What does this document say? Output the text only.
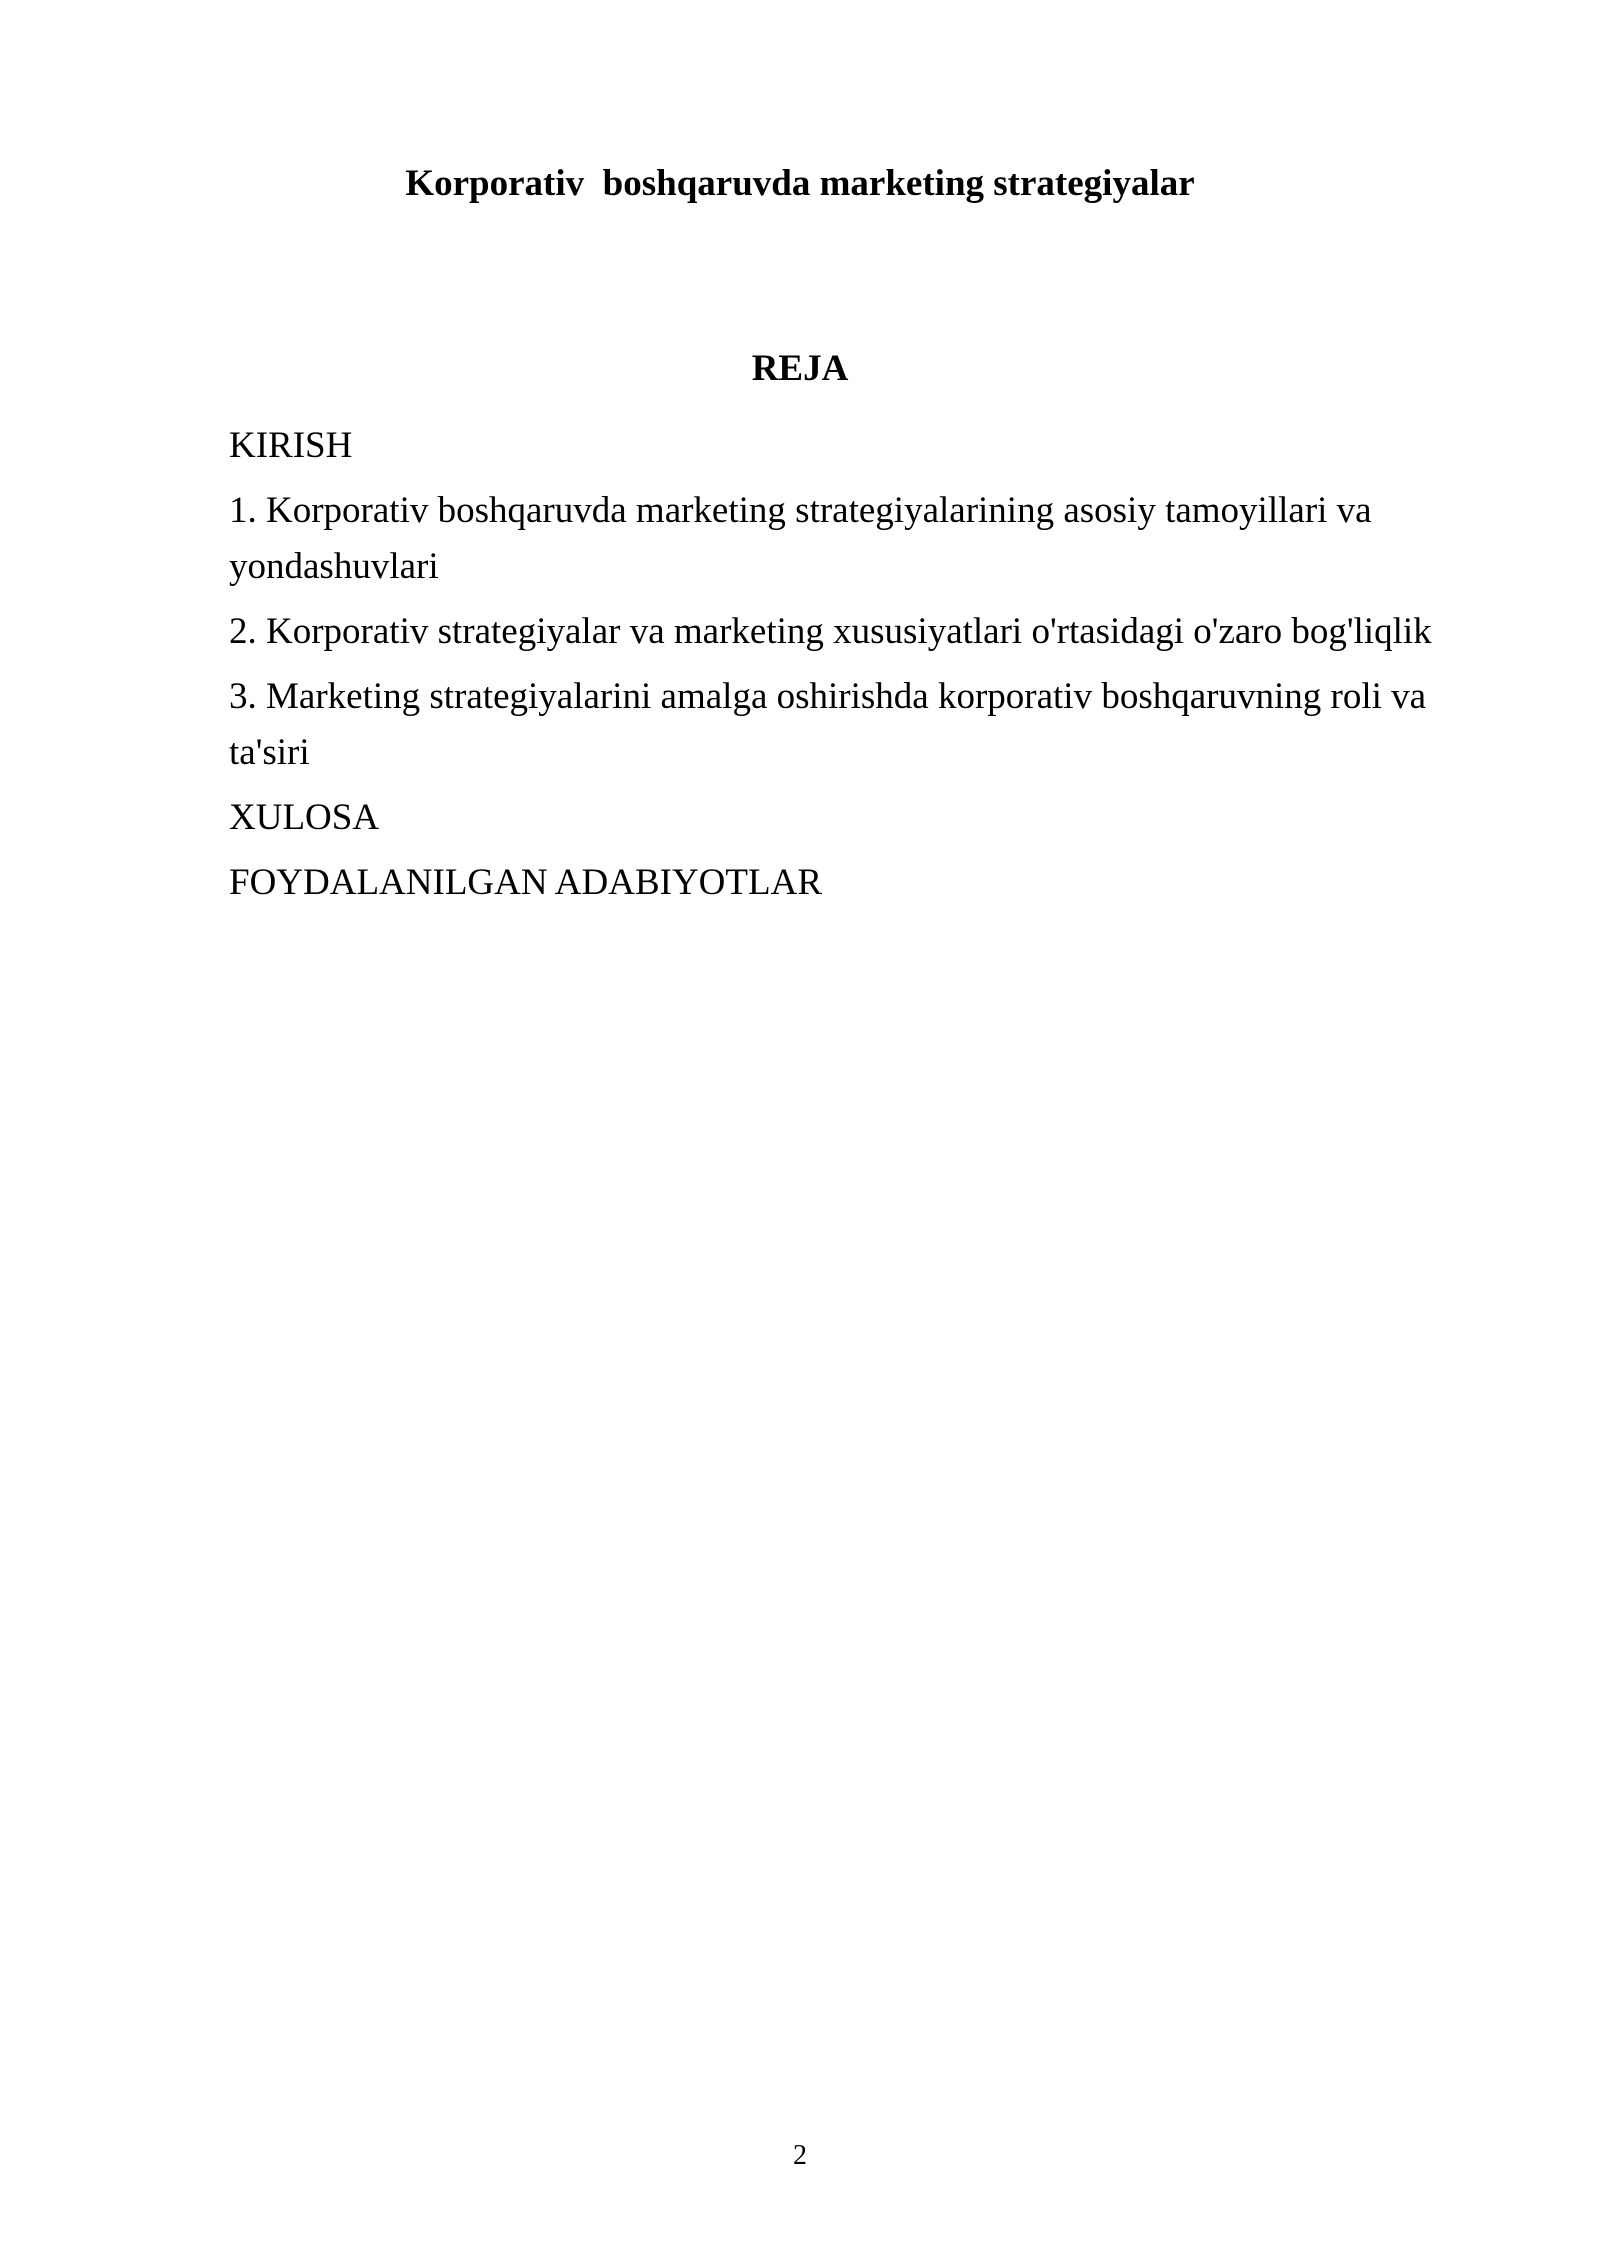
Korporativ  boshqaruvda marketing strategiyalar
REJA
KIRISH
1. Korporativ boshqaruvda marketing strategiyalarining asosiy tamoyillari va yondashuvlari
2. Korporativ strategiyalar va marketing xususiyatlari o'rtasidagi o'zaro bog'liqlik
3. Marketing strategiyalarini amalga oshirishda korporativ boshqaruvning roli va ta'siri
XULOSA
FOYDALANILGAN ADABIYOTLAR
2
